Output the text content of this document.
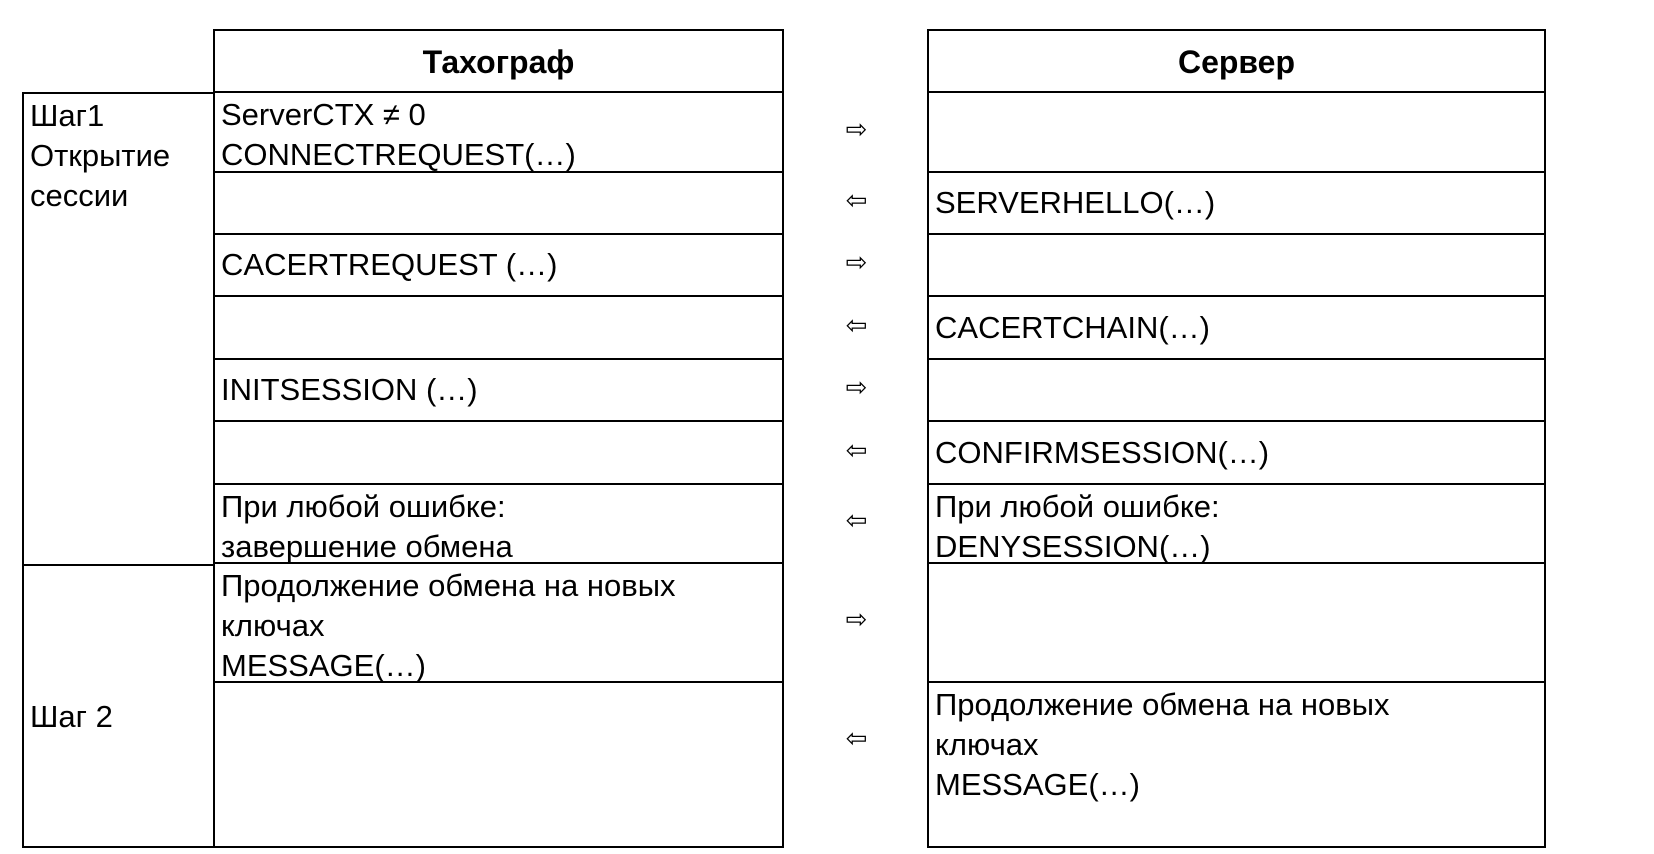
Шаг1
Открытие
сессии
Шаг 2
Тахограф
ServerCTX ≠ 0
CONNECTREQUEST(…)
CACERTREQUEST (…)
INITSESSION (…)
При любой ошибке:
завершение обмена
Продолжение обмена на новых
ключах
MESSAGE(…)
⇨
⇦
⇨
⇦
⇨
⇦
⇦
⇨
⇦
Сервер
SERVERHELLO(…)
CACERTCHAIN(…)
CONFIRMSESSION(…)
При любой ошибке:
DENYSESSION(…)
Продолжение обмена на новых
ключах
MESSAGE(…)
